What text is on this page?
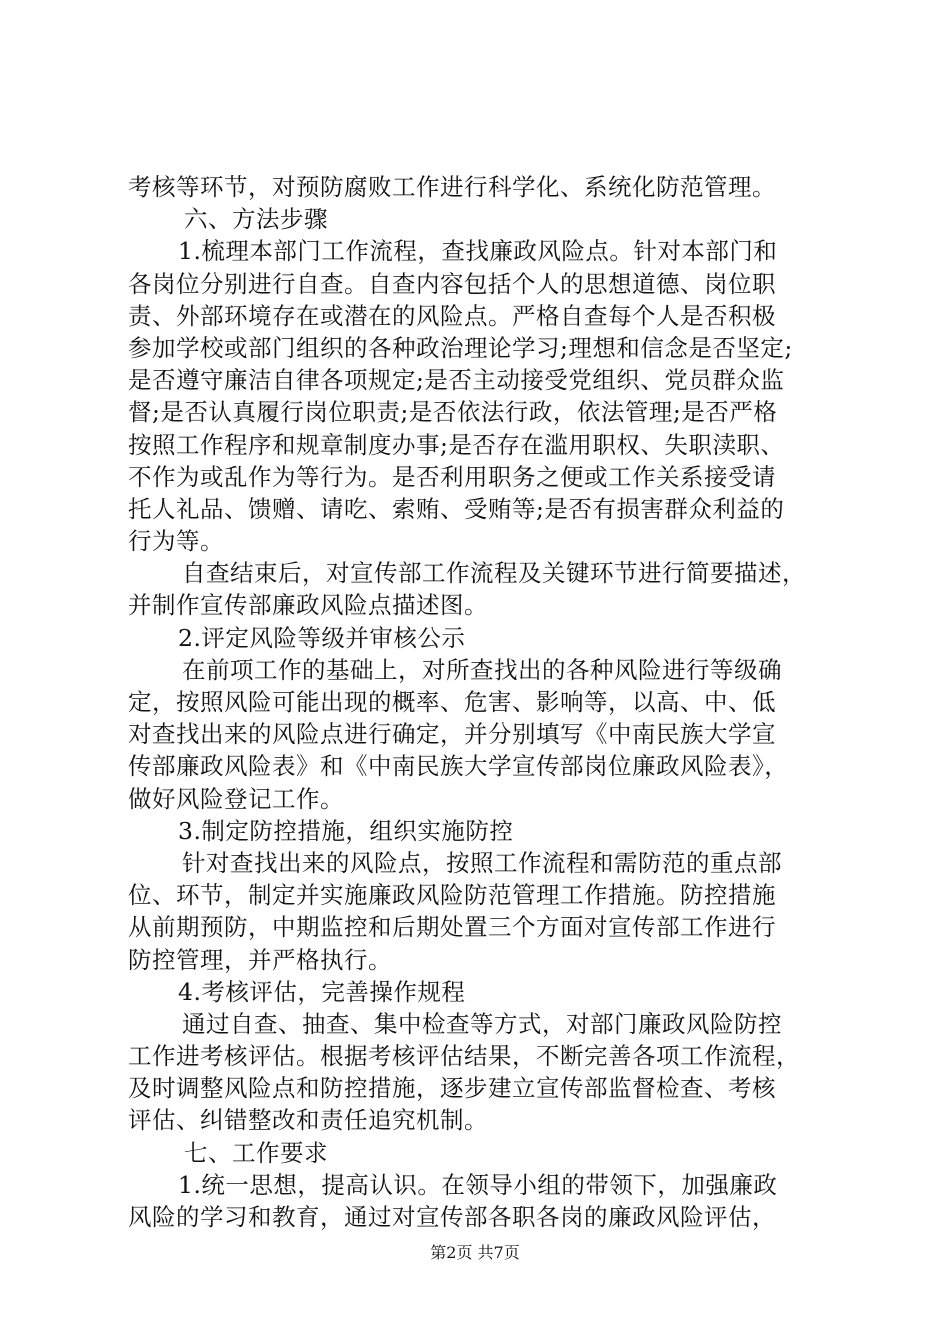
考核等环节，对预防腐败工作进行科学化、系统化防范管理。
六、方法步骤
1.梳理本部门工作流程，查找廉政风险点。针对本部门和
各岗位分别进行自查。自查内容包括个人的思想道德、岗位职
责、外部环境存在或潜在的风险点。严格自查每个人是否积极
参加学校或部门组织的各种政治理论学习;理想和信念是否坚定;
是否遵守廉洁自律各项规定;是否主动接受党组织、党员群众监
督;是否认真履行岗位职责;是否依法行政，依法管理;是否严格
按照工作程序和规章制度办事;是否存在滥用职权、失职渎职、
不作为或乱作为等行为。是否利用职务之便或工作关系接受请
托人礼品、馈赠、请吃、索贿、受贿等;是否有损害群众利益的
行为等。
自查结束后，对宣传部工作流程及关键环节进行简要描述，
并制作宣传部廉政风险点描述图。
2.评定风险等级并审核公示
在前项工作的基础上，对所查找出的各种风险进行等级确
定，按照风险可能出现的概率、危害、影响等，以高、中、低
对查找出来的风险点进行确定，并分别填写《中南民族大学宣
传部廉政风险表》和《中南民族大学宣传部岗位廉政风险表》，
做好风险登记工作。
3.制定防控措施，组织实施防控
针对查找出来的风险点，按照工作流程和需防范的重点部
位、环节，制定并实施廉政风险防范管理工作措施。防控措施
从前期预防，中期监控和后期处置三个方面对宣传部工作进行
防控管理，并严格执行。
4.考核评估，完善操作规程
通过自查、抽查、集中检查等方式，对部门廉政风险防控
工作进考核评估。根据考核评估结果，不断完善各项工作流程，
及时调整风险点和防控措施，逐步建立宣传部监督检查、考核
评估、纠错整改和责任追究机制。
七、工作要求
1.统一思想，提高认识。在领导小组的带领下，加强廉政
风险的学习和教育，通过对宣传部各职各岗的廉政风险评估，
第2页 共7页
